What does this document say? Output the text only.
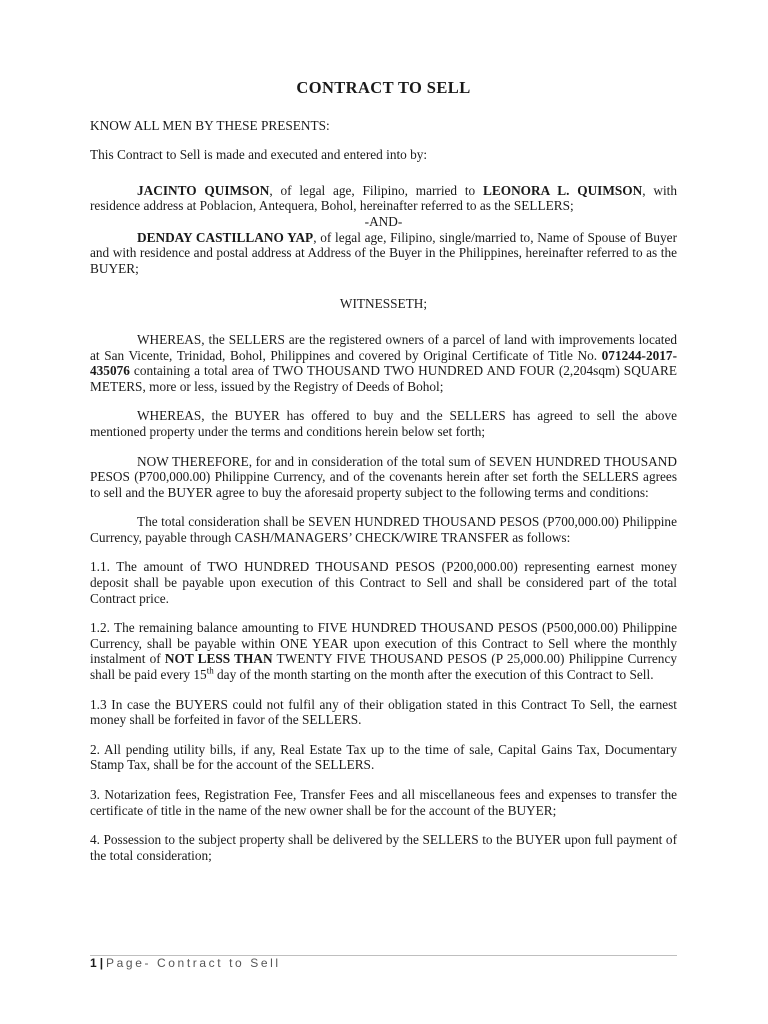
CONTRACT TO SELL
KNOW ALL MEN BY THESE PRESENTS:
This Contract to Sell is made and executed and entered into by:
JACINTO QUIMSON, of legal age, Filipino, married to LEONORA L. QUIMSON, with residence address at Poblacion, Antequera, Bohol, hereinafter referred to as the SELLERS;
-AND-
DENDAY CASTILLANO YAP, of legal age, Filipino, single/married to, Name of Spouse of Buyer and with residence and postal address at Address of the Buyer in the Philippines, hereinafter referred to as the BUYER;
WITNESSETH;
WHEREAS, the SELLERS are the registered owners of a parcel of land with improvements located at San Vicente, Trinidad, Bohol, Philippines and covered by Original Certificate of Title No. 071244-2017-435076 containing a total area of TWO THOUSAND TWO HUNDRED AND FOUR (2,204sqm) SQUARE METERS, more or less, issued by the Registry of Deeds of Bohol;
WHEREAS, the BUYER has offered to buy and the SELLERS has agreed to sell the above mentioned property under the terms and conditions herein below set forth;
NOW THEREFORE, for and in consideration of the total sum of SEVEN HUNDRED THOUSAND PESOS (P700,000.00) Philippine Currency, and of the covenants herein after set forth the SELLERS agrees to sell and the BUYER agree to buy the aforesaid property subject to the following terms and conditions:
The total consideration shall be SEVEN HUNDRED THOUSAND PESOS (P700,000.00) Philippine Currency, payable through CASH/MANAGERS’ CHECK/WIRE TRANSFER as follows:
1.1. The amount of TWO HUNDRED THOUSAND PESOS (P200,000.00) representing earnest money deposit shall be payable upon execution of this Contract to Sell and shall be considered part of the total Contract price.
1.2. The remaining balance amounting to FIVE HUNDRED THOUSAND PESOS (P500,000.00) Philippine Currency, shall be payable within ONE YEAR upon execution of this Contract to Sell where the monthly instalment of NOT LESS THAN TWENTY FIVE THOUSAND PESOS (P 25,000.00) Philippine Currency shall be paid every 15th day of the month starting on the month after the execution of this Contract to Sell.
1.3 In case the BUYERS could not fulfil any of their obligation stated in this Contract To Sell, the earnest money shall be forfeited in favor of the SELLERS.
2. All pending utility bills, if any, Real Estate Tax up to the time of sale, Capital Gains Tax, Documentary Stamp Tax, shall be for the account of the SELLERS.
3. Notarization fees, Registration Fee, Transfer Fees and all miscellaneous fees and expenses to transfer the certificate of title in the name of the new owner shall be for the account of the BUYER;
4. Possession to the subject property shall be delivered by the SELLERS to the BUYER upon full payment of the total consideration;
1 | Page- Contract to Sell
